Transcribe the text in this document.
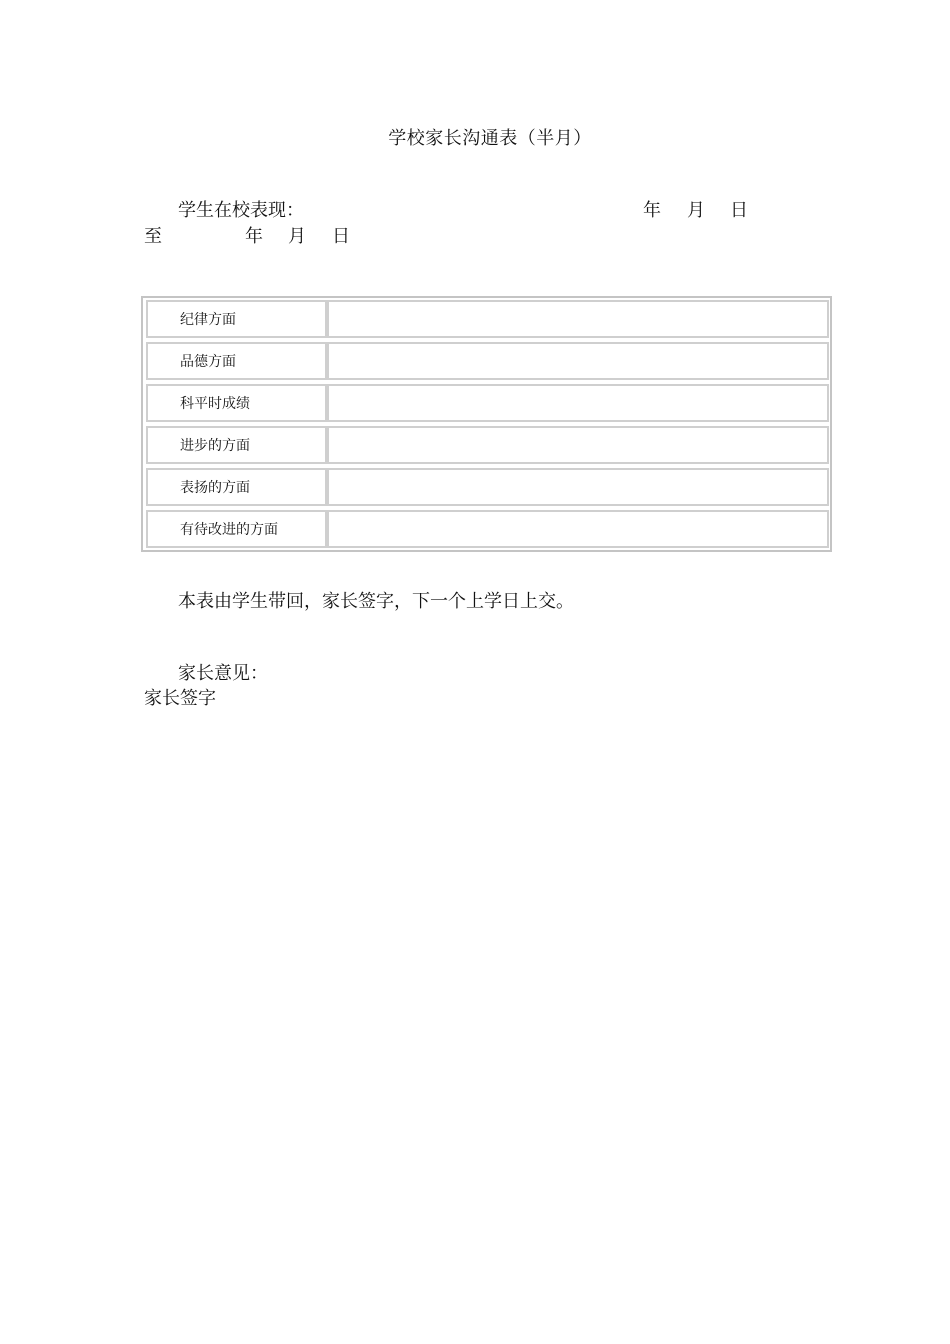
学校家长沟通表（半月）
学生在校表现：	年 月 日
至	年 月 日
纪律方面
品德方面
科平时成绩
进步的方面
表扬的方面
有待改进的方面
本表由学生带回，家长签字，下一个上学日上交。
家长意见：
家长签字
